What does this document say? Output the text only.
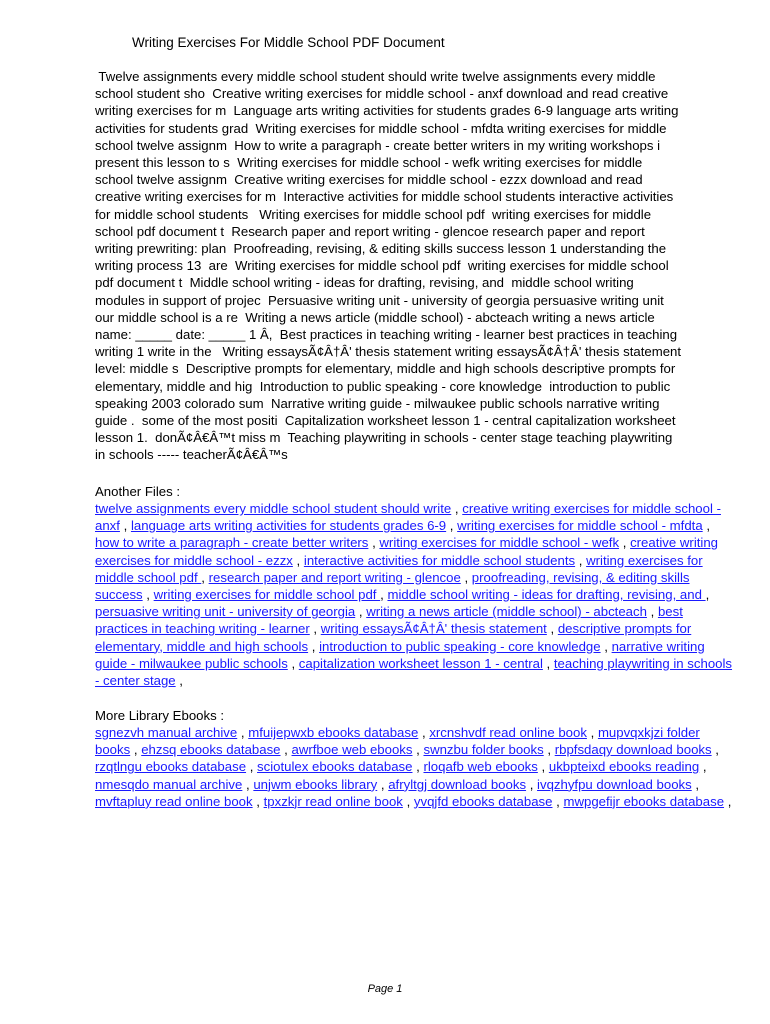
Writing Exercises For Middle School PDF Document
Twelve assignments every middle school student should write twelve assignments every middle
school student sho  Creative writing exercises for middle school - anxf download and read creative
writing exercises for m  Language arts writing activities for students grades 6-9 language arts writing
activities for students grad  Writing exercises for middle school - mfdta writing exercises for middle
school twelve assignm  How to write a paragraph - create better writers in my writing workshops i
present this lesson to s  Writing exercises for middle school - wefk writing exercises for middle
school twelve assignm  Creative writing exercises for middle school - ezzx download and read
creative writing exercises for m  Interactive activities for middle school students interactive activities
for middle school students   Writing exercises for middle school pdf  writing exercises for middle
school pdf document t  Research paper and report writing - glencoe research paper and report
writing prewriting: plan  Proofreading, revising, & editing skills success lesson 1 understanding the
writing process 13  are  Writing exercises for middle school pdf  writing exercises for middle school
pdf document t  Middle school writing - ideas for drafting, revising, and  middle school writing
modules in support of projec  Persuasive writing unit - university of georgia persuasive writing unit
our middle school is a re  Writing a news article (middle school) - abcteach writing a news article
name: _____ date: _____ 1 Â,  Best practices in teaching writing - learner best practices in teaching
writing 1 write in the   Writing essaysÃ¢Â†Â' thesis statement writing essaysÃ¢Â†Â' thesis statement
level: middle s  Descriptive prompts for elementary, middle and high schools descriptive prompts for
elementary, middle and hig  Introduction to public speaking - core knowledge  introduction to public
speaking 2003 colorado sum  Narrative writing guide - milwaukee public schools narrative writing
guide .  some of the most positi  Capitalization worksheet lesson 1 - central capitalization worksheet
lesson 1.  donÃ¢Â€Â™t miss m  Teaching playwriting in schools - center stage teaching playwriting
in schools ----- teacherÃ¢Â€Â™s
Another Files :
twelve assignments every middle school student should write , creative writing exercises for middle school - anxf , language arts writing activities for students grades 6-9 , writing exercises for middle school - mfdta , how to write a paragraph - create better writers , writing exercises for middle school - wefk , creative writing exercises for middle school - ezzx , interactive activities for middle school students , writing exercises for middle school pdf , research paper and report writing - glencoe , proofreading, revising, & editing skills success , writing exercises for middle school pdf , middle school writing - ideas for drafting, revising, and , persuasive writing unit - university of georgia , writing a news article (middle school) - abcteach , best practices in teaching writing - learner , writing essaysÃ¢Â†Â' thesis statement , descriptive prompts for elementary, middle and high schools , introduction to public speaking - core knowledge , narrative writing guide - milwaukee public schools , capitalization worksheet lesson 1 - central , teaching playwriting in schools - center stage ,
More Library Ebooks :
sgnezvh manual archive , mfuijepwxb ebooks database , xrcnshvdf read online book , mupvqxkjzi folder books , ehzsq ebooks database , awrfboe web ebooks , swnzbu folder books , rbpfsdaqy download books , rzqtlngu ebooks database , sciotulex ebooks database , rloqafb web ebooks , ukbpteixd ebooks reading , nmesqdo manual archive , unjwm ebooks library , afryltgj download books , ivqzhyfpu download books , mvftapluy read online book , tpxzkjr read online book , yvqjfd ebooks database , mwpgefijr ebooks database ,
Page 1
